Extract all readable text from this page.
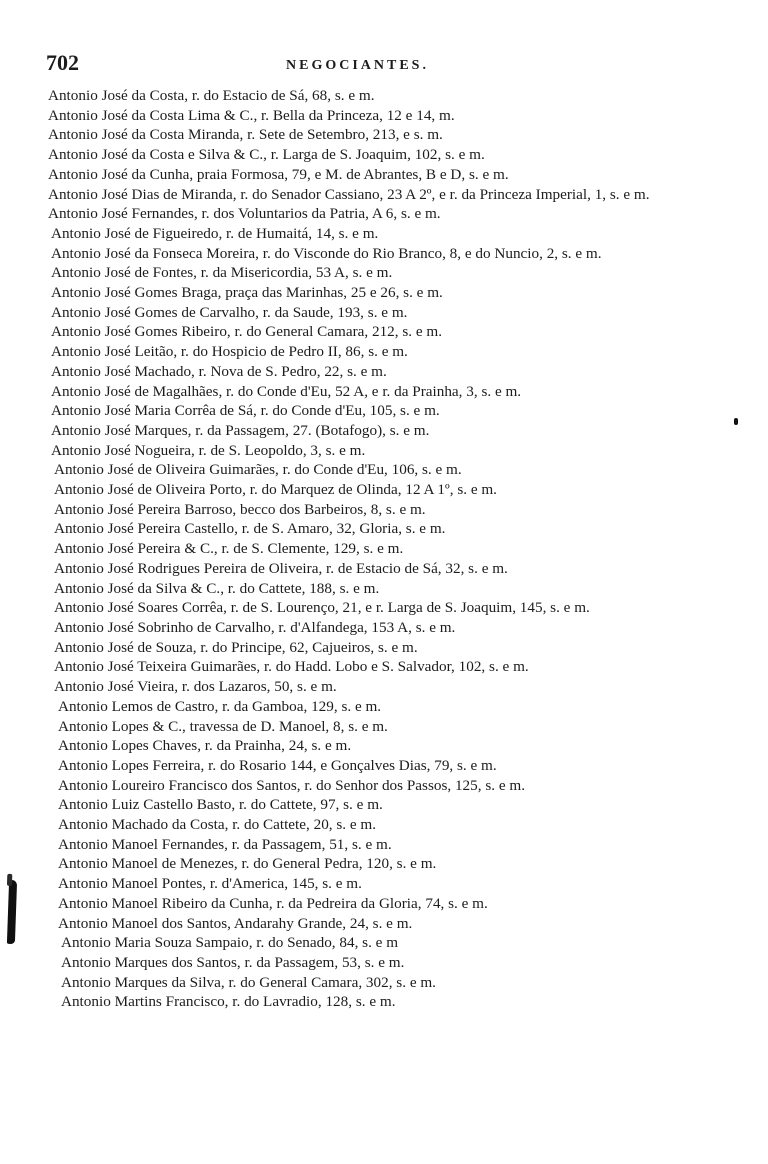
702	NEGOCIANTES.
Antonio José da Costa, r. do Estacio de Sá, 68, s. e m.
Antonio José da Costa Lima & C., r. Bella da Princeza, 12 e 14, m.
Antonio José da Costa Miranda, r. Sete de Setembro, 213, e s. m.
Antonio José da Costa e Silva & C., r. Larga de S. Joaquim, 102, s. e m.
Antonio José da Cunha, praia Formosa, 79, e M. de Abrantes, B e D, s. e m.
Antonio José Dias de Miranda, r. do Senador Cassiano, 23 A 2º, e r. da Princeza Imperial, 1, s. e m.
Antonio José Fernandes, r. dos Voluntarios da Patria, A 6, s. e m.
Antonio José de Figueiredo, r. de Humaitá, 14, s. e m.
Antonio José da Fonseca Moreira, r. do Visconde do Rio Branco, 8, e do Nuncio, 2, s. e m.
Antonio José de Fontes, r. da Misericordia, 53 A, s. e m.
Antonio José Gomes Braga, praça das Marinhas, 25 e 26, s. e m.
Antonio José Gomes de Carvalho, r. da Saude, 193, s. e m.
Antonio José Gomes Ribeiro, r. do General Camara, 212, s. e m.
Antonio José Leitão, r. do Hospicio de Pedro II, 86, s. e m.
Antonio José Machado, r. Nova de S. Pedro, 22, s. e m.
Antonio José de Magalhães, r. do Conde d'Eu, 52 A, e r. da Prainha, 3, s. e m.
Antonio José Maria Corrêa de Sá, r. do Conde d'Eu, 105, s. e m.
Antonio José Marques, r. da Passagem, 27. (Botafogo), s. e m.
Antonio José Nogueira, r. de S. Leopoldo, 3, s. e m.
Antonio José de Oliveira Guimarães, r. do Conde d'Eu, 106, s. e m.
Antonio José de Oliveira Porto, r. do Marquez de Olinda, 12 A 1º, s. e m.
Antonio José Pereira Barroso, becco dos Barbeiros, 8, s. e m.
Antonio José Pereira Castello, r. de S. Amaro, 32, Gloria, s. e m.
Antonio José Pereira & C., r. de S. Clemente, 129, s. e m.
Antonio José Rodrigues Pereira de Oliveira, r. de Estacio de Sá, 32, s. e m.
Antonio José da Silva & C., r. do Cattete, 188, s. e m.
Antonio José Soares Corrêa, r. de S. Lourenço, 21, e r. Larga de S. Joaquim, 145, s. e m.
Antonio José Sobrinho de Carvalho, r. d'Alfandega, 153 A, s. e m.
Antonio José de Souza, r. do Principe, 62, Cajueiros, s. e m.
Antonio José Teixeira Guimarães, r. do Hadd. Lobo e S. Salvador, 102, s. e m.
Antonio José Vieira, r. dos Lazaros, 50, s. e m.
Antonio Lemos de Castro, r. da Gamboa, 129, s. e m.
Antonio Lopes & C., travessa de D. Manoel, 8, s. e m.
Antonio Lopes Chaves, r. da Prainha, 24, s. e m.
Antonio Lopes Ferreira, r. do Rosario 144, e Gonçalves Dias, 79, s. e m.
Antonio Loureiro Francisco dos Santos, r. do Senhor dos Passos, 125, s. e m.
Antonio Luiz Castello Basto, r. do Cattete, 97, s. e m.
Antonio Machado da Costa, r. do Cattete, 20, s. e m.
Antonio Manoel Fernandes, r. da Passagem, 51, s. e m.
Antonio Manoel de Menezes, r. do General Pedra, 120, s. e m.
Antonio Manoel Pontes, r. d'America, 145, s. e m.
Antonio Manoel Ribeiro da Cunha, r. da Pedreira da Gloria, 74, s. e m.
Antonio Manoel dos Santos, Andarahy Grande, 24, s. e m.
Antonio Maria Souza Sampaio, r. do Senado, 84, s. e m
Antonio Marques dos Santos, r. da Passagem, 53, s. e m.
Antonio Marques da Silva, r. do General Camara, 302, s. e m.
Antonio Martins Francisco, r. do Lavradio, 128, s. e m.
